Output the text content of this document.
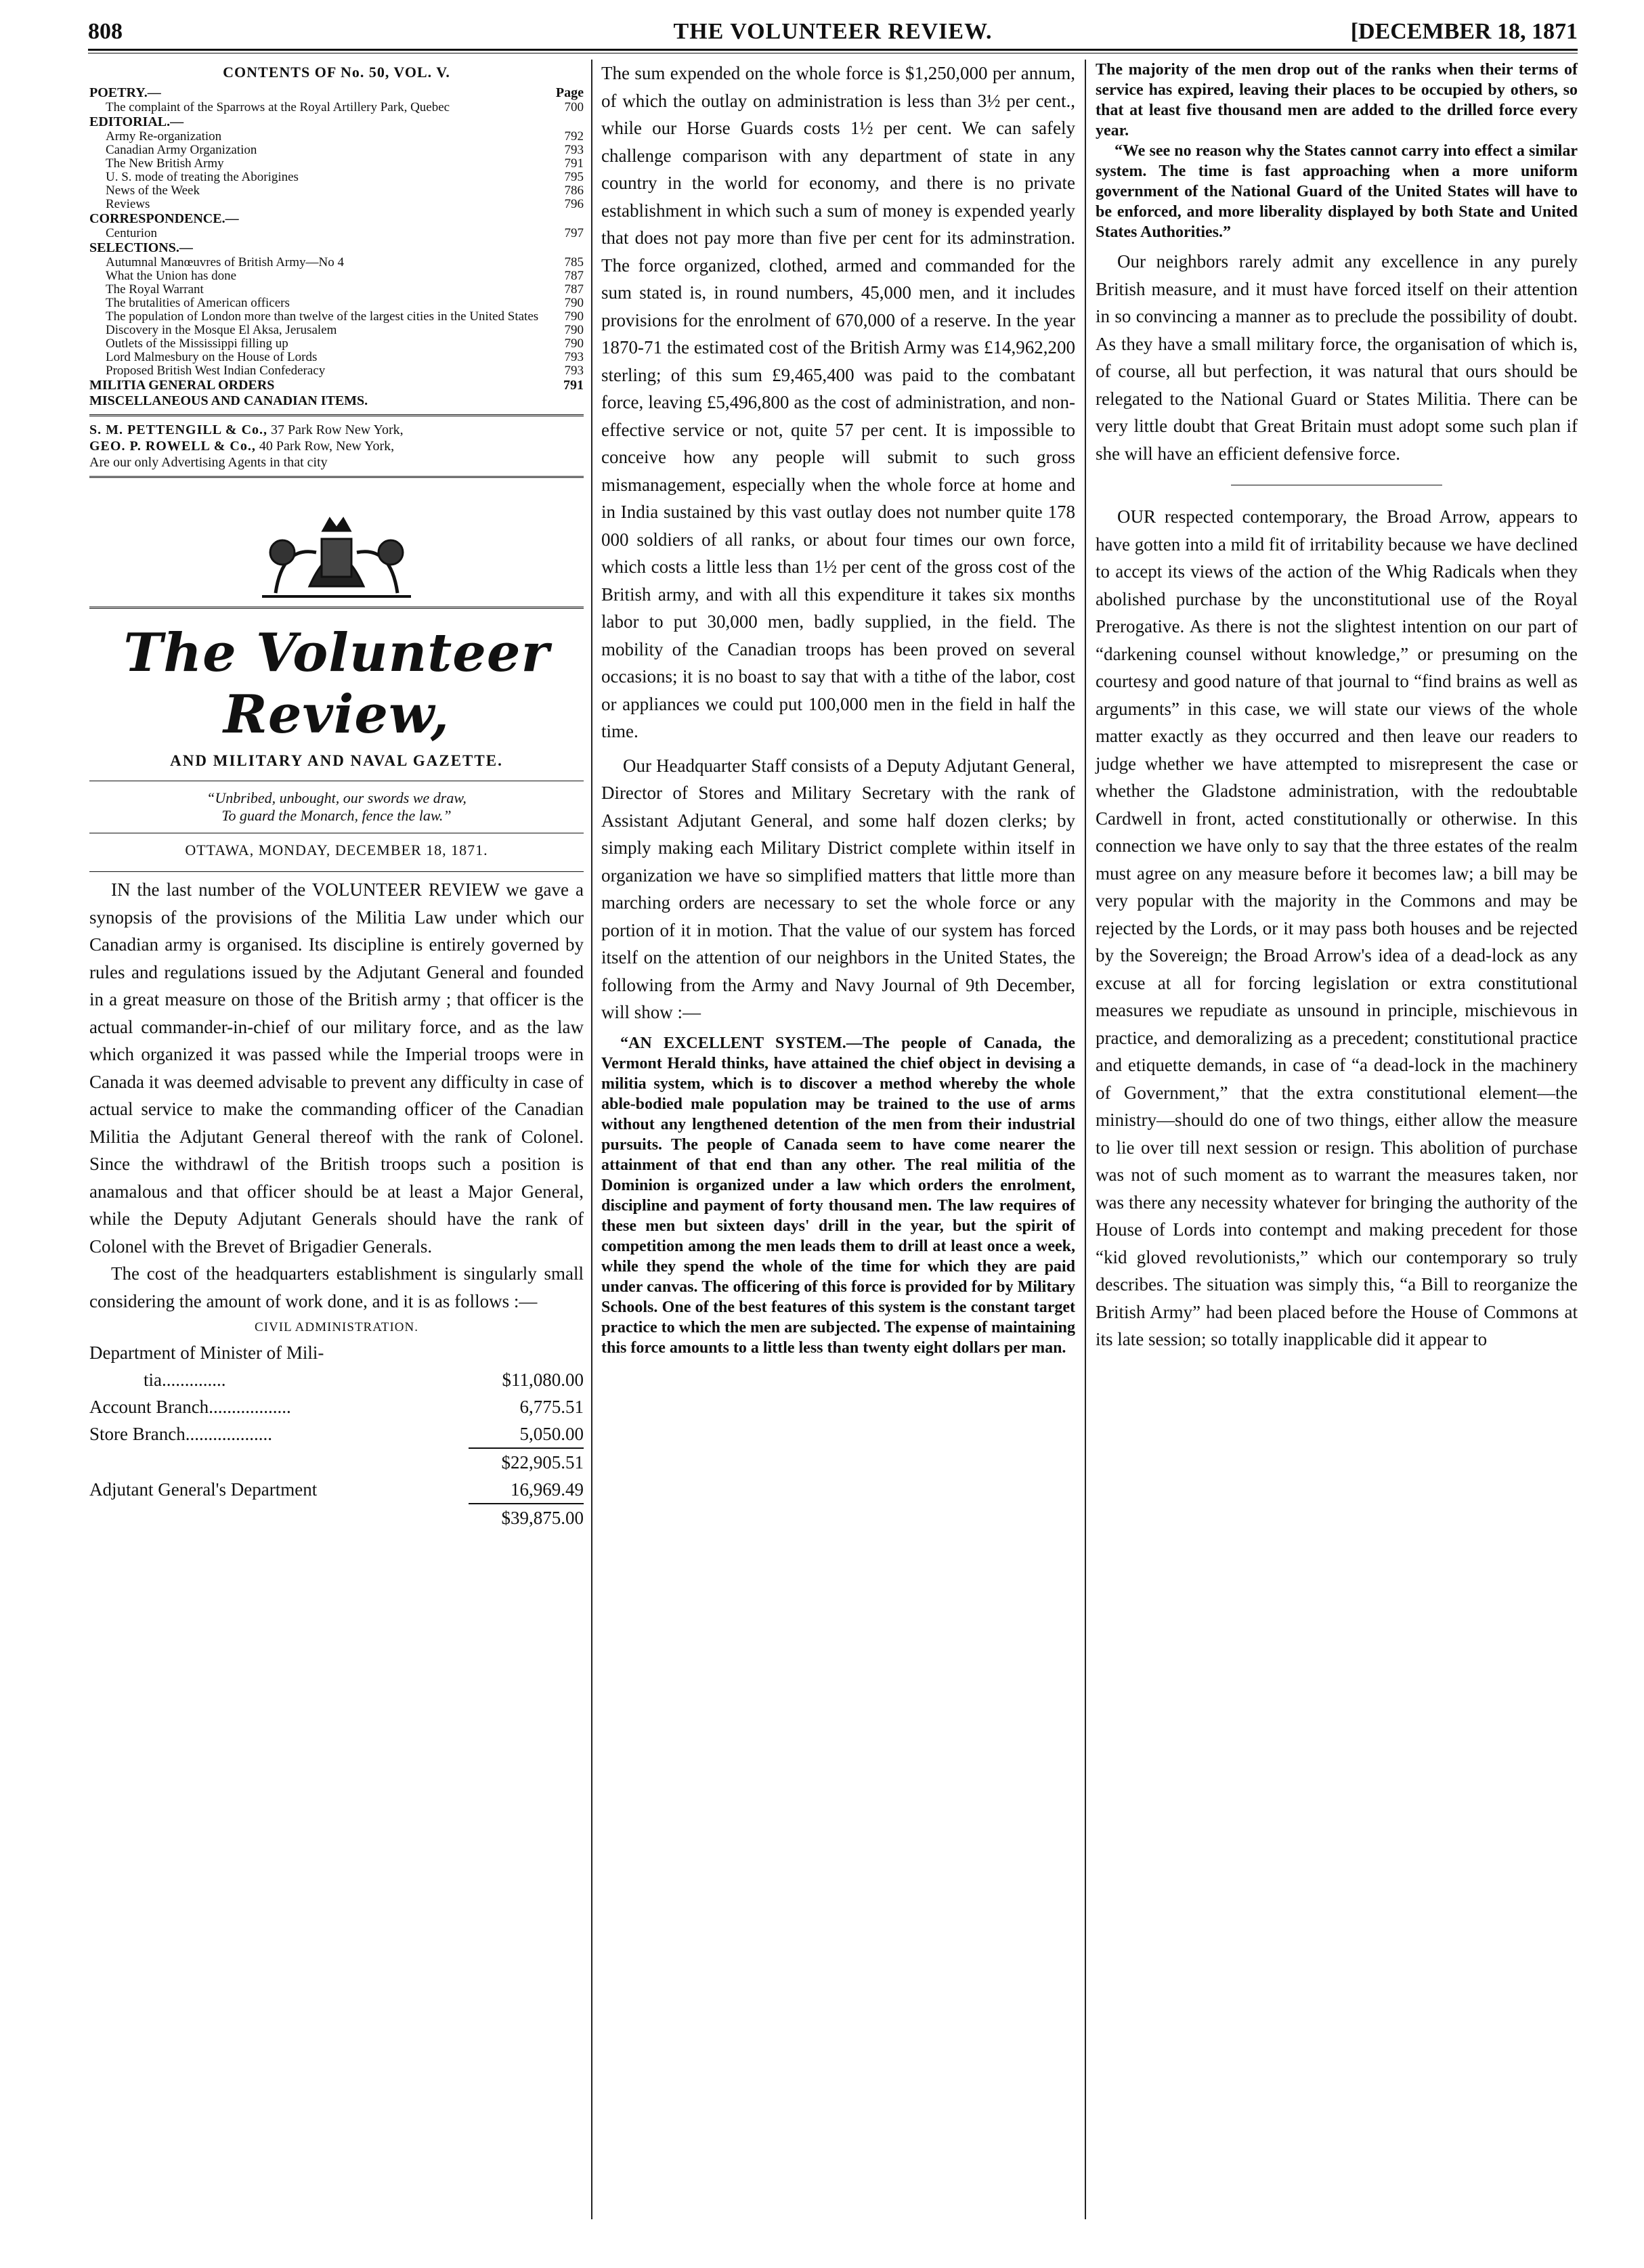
808	THE VOLUNTEER REVIEW.	[DECEMBER 18, 1871
CONTENTS OF No. 50, VOL. V.
POETRY.—	Page
The complaint of the Sparrows at the Royal Artillery Park, Quebec	700
EDITORIAL.—
Army Re-organization	792
Canadian Army Organization	793
The New British Army	791
U. S. mode of treating the Aborigines	795
News of the Week	786
Reviews	796
CORRESPONDENCE.—
Centurion	797
SELECTIONS.—
Autumnal Manœuvres of British Army—No 4	785
What the Union has done	787
The Royal Warrant	787
The brutalities of American officers	790
The population of London more than twelve of the largest cities in the United States 790
Discovery in the Mosque El Aksa, Jerusalem	790
Outlets of the Mississippi filling up	790
Lord Malmesbury on the House of Lords	793
Proposed British West Indian Confederacy	793
MILITIA GENERAL ORDERS	791
MISCELLANEOUS AND CANADIAN ITEMS.
S. M. PETTENGILL & Co., 37 Park Row New York,
GEO. P. ROWELL & Co., 40 Park Row, New York,
Are our only Advertising Agents in that city
The Volunteer Review,
AND MILITARY AND NAVAL GAZETTE.
“Unbribed, unbought, our swords we draw,
To guard the Monarch, fence the law.”
OTTAWA, MONDAY, DECEMBER 18, 1871.

IN the last number of the VOLUNTEER REVIEW we gave a synopsis of the provisions of the Militia Law under which our Canadian army is organised. Its discipline is entirely governed by rules and regulations issued by the Adjutant General and founded in a great measure on those of the British army ; that officer is the actual commander-in-chief of our military force, and as the law which organized it was passed while the Imperial troops were in Canada it was deemed advisable to prevent any difficulty in case of actual service to make the commanding officer of the Canadian Militia the Adjutant General thereof with the rank of Colonel. Since the withdrawl of the British troops such a position is anamalous and that officer should be at least a Major General, while the Deputy Adjutant Generals should have the rank of Colonel with the Brevet of Brigadier Generals.

The cost of the headquarters establishment is singularly small considering the amount of work done, and it is as follows :—

CIVIL ADMINISTRATION.
Department of Minister of Mili-
tia..............	$11,080.00
Account Branch..................	6,775.51
Store Branch...................	5,050.00
$22,905.51
Adjutant General's Department	16,969.49
$39,875.00

The sum expended on the whole force is $1,250,000 per annum, of which the outlay on administration is less than 3½ per cent., while our Horse Guards costs 1½ per cent. We can safely challenge comparison with any department of state in any country in the world for economy, and there is no private establishment in which such a sum of money is expended yearly that does not pay more than five per cent for its adminstration. The force organized, clothed, armed and commanded for the sum stated is, in round numbers, 45,000 men, and it includes provisions for the enrolment of 670,000 of a reserve. In the year 1870-71 the estimated cost of the British Army was £14,962,200 sterling; of this sum £9,465,400 was paid to the combatant force, leaving £5,496,800 as the cost of administration, and non-effective service or not, quite 57 per cent. It is impossible to conceive how any people will submit to such gross mismanagement, especially when the whole force at home and in India sustained by this vast outlay does not number quite 178 000 soldiers of all ranks, or about four times our own force, which costs a little less than 1½ per cent of the gross cost of the British army, and with all this expenditure it takes six months labor to put 30,000 men, badly supplied, in the field. The mobility of the Canadian troops has been proved on several occasions; it is no boast to say that with a tithe of the labor, cost or appliances we could put 100,000 men in the field in half the time.

Our Headquarter Staff consists of a Deputy Adjutant General, Director of Stores and Military Secretary with the rank of Assistant Adjutant General, and some half dozen clerks; by simply making each Military District complete within itself in organization we have so simplified matters that little more than marching orders are necessary to set the whole force or any portion of it in motion. That the value of our system has forced itself on the attention of our neighbors in the United States, the following from the Army and Navy Journal of 9th December, will show :—

“AN EXCELLENT SYSTEM.—The people of Canada, the Vermont Herald thinks, have attained the chief object in devising a militia system, which is to discover a method whereby the whole able-bodied male population may be trained to the use of arms without any lengthened detention of the men from their industrial pursuits. The people of Canada seem to have come nearer the attainment of that end than any other. The real militia of the Dominion is organized under a law which orders the enrolment, discipline and payment of forty thousand men. The law requires of these men but sixteen days' drill in the year, but the spirit of competition among the men leads them to drill at least once a week, while they spend the whole of the time for which they are paid under canvas. The officering of this force is provided for by Military Schools. One of the best features of this system is the constant target practice to which the men are subjected. The expense of maintaining this force amounts to a little less than twenty eight dollars per man.

The majority of the men drop out of the ranks when their terms of service has expired, leaving their places to be occupied by others, so that at least five thousand men are added to the drilled force every year.

“We see no reason why the States cannot carry into effect a similar system. The time is fast approaching when a more uniform government of the National Guard of the United States will have to be enforced, and more liberality displayed by both State and United States Authorities.”

Our neighbors rarely admit any excellence in any purely British measure, and it must have forced itself on their attention in so convincing a manner as to preclude the possibility of doubt. As they have a small military force, the organisation of which is, of course, all but perfection, it was natural that ours should be relegated to the National Guard or States Militia. There can be very little doubt that Great Britain must adopt some such plan if she will have an efficient defensive force.

OUR respected contemporary, the Broad Arrow, appears to have gotten into a mild fit of irritability because we have declined to accept its views of the action of the Whig Radicals when they abolished purchase by the unconstitutional use of the Royal Prerogative. As there is not the slightest intention on our part of “darkening counsel without knowledge,” or presuming on the courtesy and good nature of that journal to “find brains as well as arguments” in this case, we will state our views of the whole matter exactly as they occurred and then leave our readers to judge whether we have attempted to misrepresent the case or whether the Gladstone administration, with the redoubtable Cardwell in front, acted constitutionally or otherwise. In this connection we have only to say that the three estates of the realm must agree on any measure before it becomes law; a bill may be very popular with the majority in the Commons and may be rejected by the Lords, or it may pass both houses and be rejected by the Sovereign; the Broad Arrow's idea of a dead-lock as any excuse at all for forcing legislation or extra constitutional measures we repudiate as unsound in principle, mischievous in practice, and demoralizing as a precedent; constitutional practice and etiquette demands, in case of “a dead-lock in the machinery of Government,” that the extra constitutional element—the ministry—should do one of two things, either allow the measure to lie over till next session or resign. This abolition of purchase was not of such moment as to warrant the measures taken, nor was there any necessity whatever for bringing the authority of the House of Lords into contempt and making precedent for those “kid gloved revolutionists,” which our contemporary so truly describes. The situation was simply this, “a Bill to reorganize the British Army” had been placed before the House of Commons at its late session; so totally inapplicable did it appear to
